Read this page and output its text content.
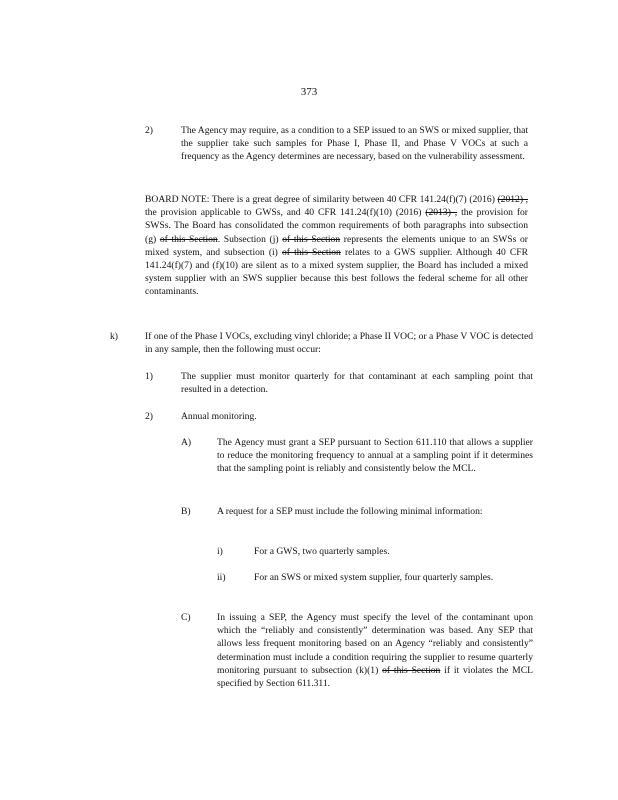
373
2)	The Agency may require, as a condition to a SEP issued to an SWS or mixed supplier, that the supplier take such samples for Phase I, Phase II, and Phase V VOCs at such a frequency as the Agency determines are necessary, based on the vulnerability assessment.
BOARD NOTE: There is a great degree of similarity between 40 CFR 141.24(f)(7) (2016) (2012) , the provision applicable to GWSs, and 40 CFR 141.24(f)(10) (2016) (2013) , the provision for SWSs. The Board has consolidated the common requirements of both paragraphs into subsection (g) of this Section. Subsection (j) of this Section represents the elements unique to an SWSs or mixed system, and subsection (i) of this Section relates to a GWS supplier. Although 40 CFR 141.24(f)(7) and (f)(10) are silent as to a mixed system supplier, the Board has included a mixed system supplier with an SWS supplier because this best follows the federal scheme for all other contaminants.
k)	If one of the Phase I VOCs, excluding vinyl chloride; a Phase II VOC; or a Phase V VOC is detected in any sample, then the following must occur:
1)	The supplier must monitor quarterly for that contaminant at each sampling point that resulted in a detection.
2)	Annual monitoring.
A)	The Agency must grant a SEP pursuant to Section 611.110 that allows a supplier to reduce the monitoring frequency to annual at a sampling point if it determines that the sampling point is reliably and consistently below the MCL.
B)	A request for a SEP must include the following minimal information:
i)	For a GWS, two quarterly samples.
ii)	For an SWS or mixed system supplier, four quarterly samples.
C)	In issuing a SEP, the Agency must specify the level of the contaminant upon which the “reliably and consistently” determination was based. Any SEP that allows less frequent monitoring based on an Agency “reliably and consistently” determination must include a condition requiring the supplier to resume quarterly monitoring pursuant to subsection (k)(1) of this Section if it violates the MCL specified by Section 611.311.
